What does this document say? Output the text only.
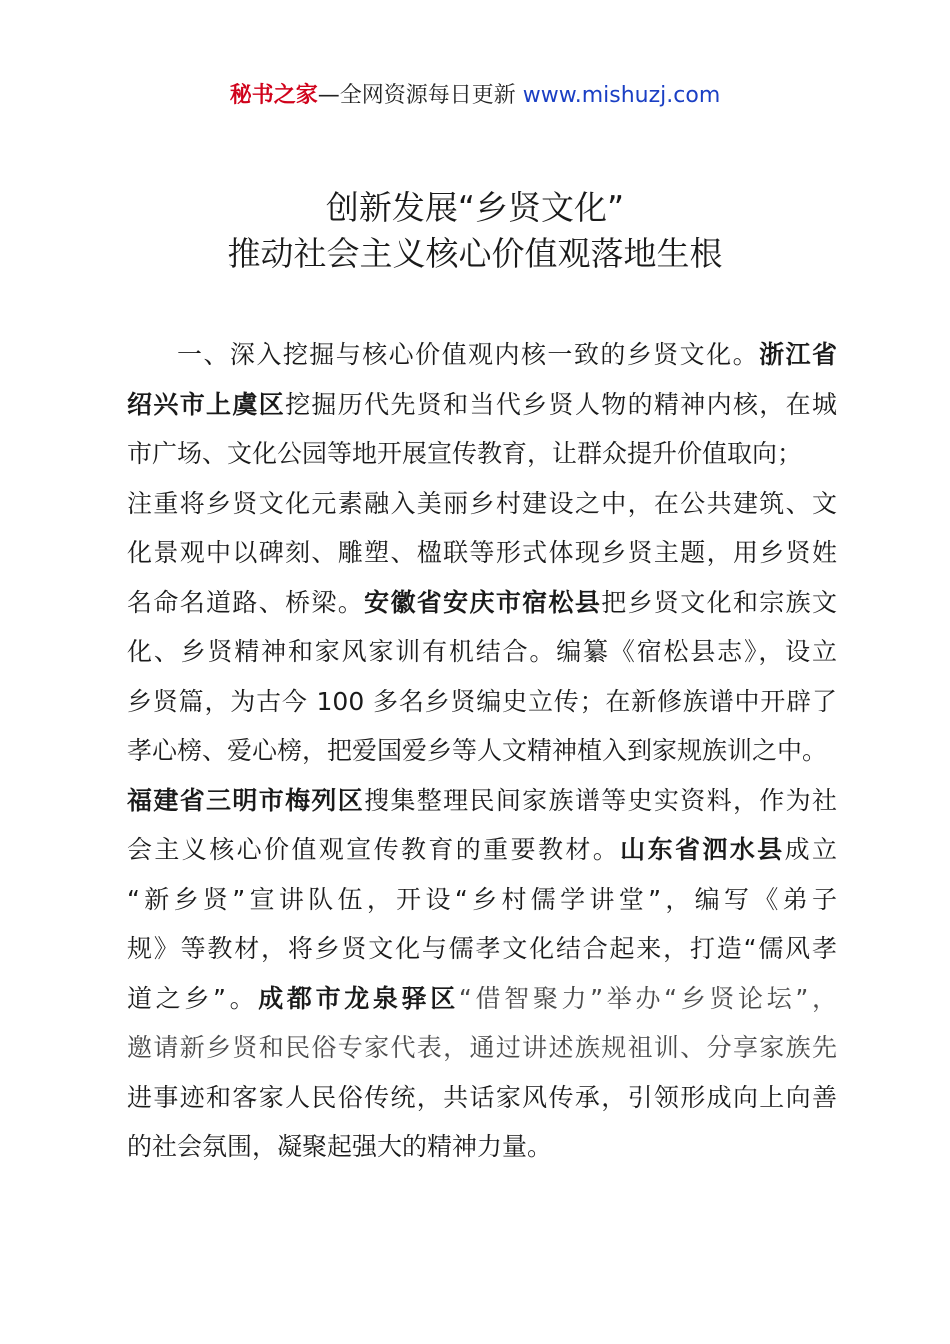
秘书之家—全网资源每日更新 www.mishuzj.com
创新发展“乡贤文化”
推动社会主义核心价值观落地生根
一、深入挖掘与核心价值观内核一致的乡贤文化。浙江省
绍兴市上虞区挖掘历代先贤和当代乡贤人物的精神内核，在城
市广场、文化公园等地开展宣传教育，让群众提升价值取向；
注重将乡贤文化元素融入美丽乡村建设之中，在公共建筑、文
化景观中以碑刻、雕塑、楹联等形式体现乡贤主题，用乡贤姓
名命名道路、桥梁。安徽省安庆市宿松县把乡贤文化和宗族文
化、乡贤精神和家风家训有机结合。编纂《宿松县志》，设立
乡贤篇，为古今 100 多名乡贤编史立传；在新修族谱中开辟了
孝心榜、爱心榜，把爱国爱乡等人文精神植入到家规族训之中。
福建省三明市梅列区搜集整理民间家族谱等史实资料，作为社
会主义核心价值观宣传教育的重要教材。山东省泗水县成立
“新乡贤”宣讲队伍，开设“乡村儒学讲堂”，编写《弟子
规》等教材，将乡贤文化与儒孝文化结合起来，打造“儒风孝
道之乡”。成都市龙泉驿区“借智聚力”举办“乡贤论坛”，
邀请新乡贤和民俗专家代表，通过讲述族规祖训、分享家族先
进事迹和客家人民俗传统，共话家风传承，引领形成向上向善
的社会氛围，凝聚起强大的精神力量。
